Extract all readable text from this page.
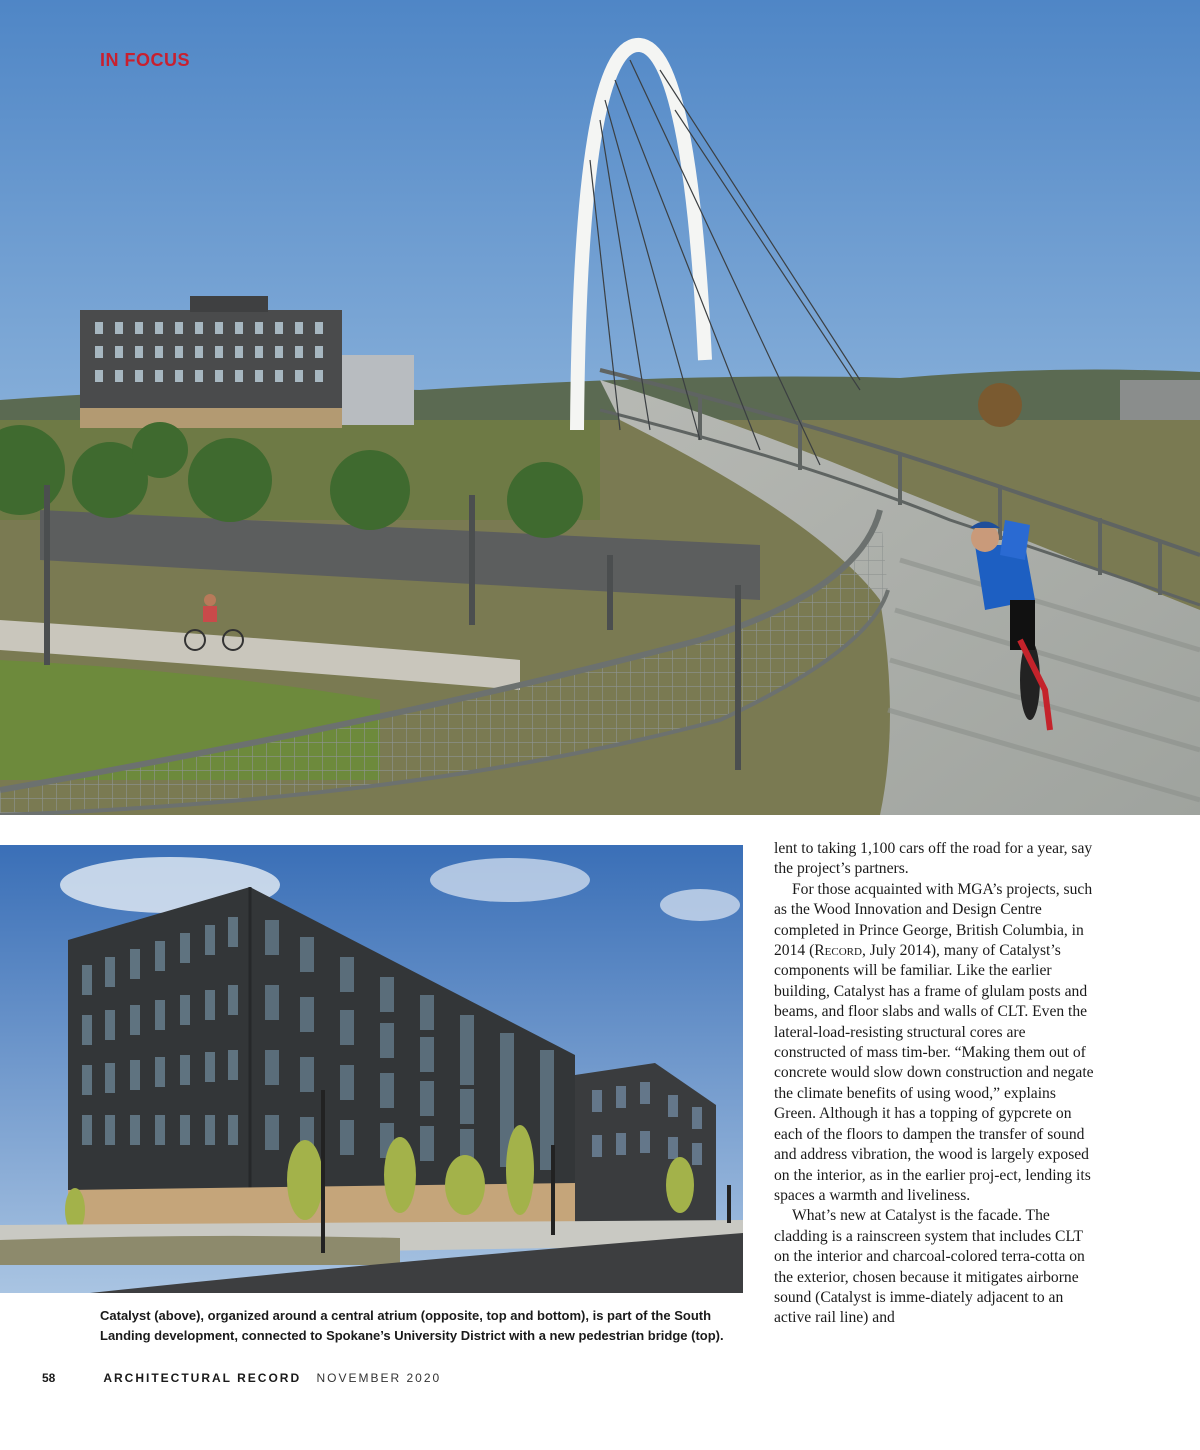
IN FOCUS
Catalyst (above), organized around a central atrium (opposite, top and bottom), is part of the South Landing development, connected to Spokane’s University District with a new pedestrian bridge (top).

lent to taking 1,100 cars off the road for a year, say the project’s partners.

For those acquainted with MGA’s projects, such as the Wood Innovation and Design Centre completed in Prince George, British Columbia, in 2014 (Record, July 2014), many of Catalyst’s components will be familiar. Like the earlier building, Catalyst has a frame of glulam posts and beams, and floor slabs and walls of CLT. Even the lateral-load-resisting structural cores are constructed of mass tim-ber. “Making them out of concrete would slow down construction and negate the climate benefits of using wood,” explains Green. Although it has a topping of gypcrete on each of the floors to dampen the transfer of sound and address vibration, the wood is largely exposed on the interior, as in the earlier proj-ect, lending its spaces a warmth and liveliness.

What’s new at Catalyst is the facade. The cladding is a rainscreen system that includes CLT on the interior and charcoal-colored terra-cotta on the exterior, chosen because it mitigates airborne sound (Catalyst is imme-diately adjacent to an active rail line) and

58	ARCHITECTURAL RECORD NOVEMBER 2020
